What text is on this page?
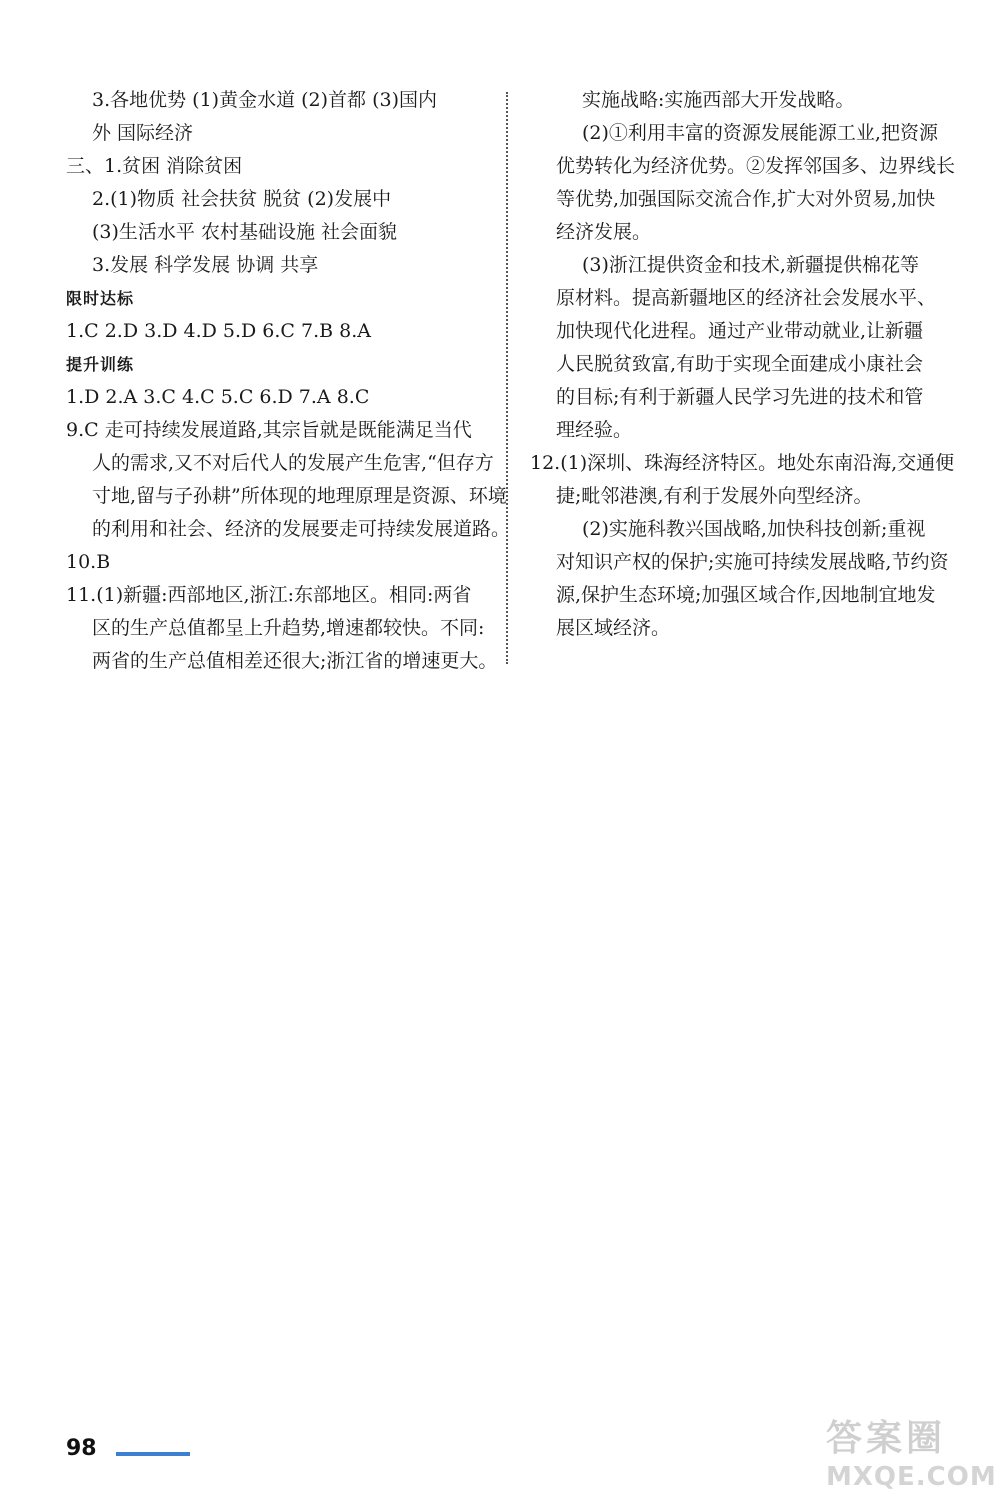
3.各地优势 (1)黄金水道 (2)首都 (3)国内
外 国际经济
三、1.贫困 消除贫困
2.(1)物质 社会扶贫 脱贫 (2)发展中
(3)生活水平 农村基础设施 社会面貌
3.发展 科学发展 协调 共享
限时达标
1.C 2.D 3.D 4.D 5.D 6.C 7.B 8.A
提升训练
1.D 2.A 3.C 4.C 5.C 6.D 7.A 8.C
9.C 走可持续发展道路,其宗旨就是既能满足当代
人的需求,又不对后代人的发展产生危害,“但存方
寸地,留与子孙耕”所体现的地理原理是资源、环境
的利用和社会、经济的发展要走可持续发展道路。
10.B
11.(1)新疆:西部地区,浙江:东部地区。相同:两省
区的生产总值都呈上升趋势,增速都较快。不同:
两省的生产总值相差还很大;浙江省的增速更大。
实施战略:实施西部大开发战略。
(2)①利用丰富的资源发展能源工业,把资源
优势转化为经济优势。②发挥邻国多、边界线长
等优势,加强国际交流合作,扩大对外贸易,加快
经济发展。
(3)浙江提供资金和技术,新疆提供棉花等
原材料。提高新疆地区的经济社会发展水平、
加快现代化进程。通过产业带动就业,让新疆
人民脱贫致富,有助于实现全面建成小康社会
的目标;有利于新疆人民学习先进的技术和管
理经验。
12.(1)深圳、珠海经济特区。地处东南沿海,交通便
捷;毗邻港澳,有利于发展外向型经济。
(2)实施科教兴国战略,加快科技创新;重视
对知识产权的保护;实施可持续发展战略,节约资
源,保护生态环境;加强区域合作,因地制宜地发
展区域经济。
98	答案圈
MXQE.COM
